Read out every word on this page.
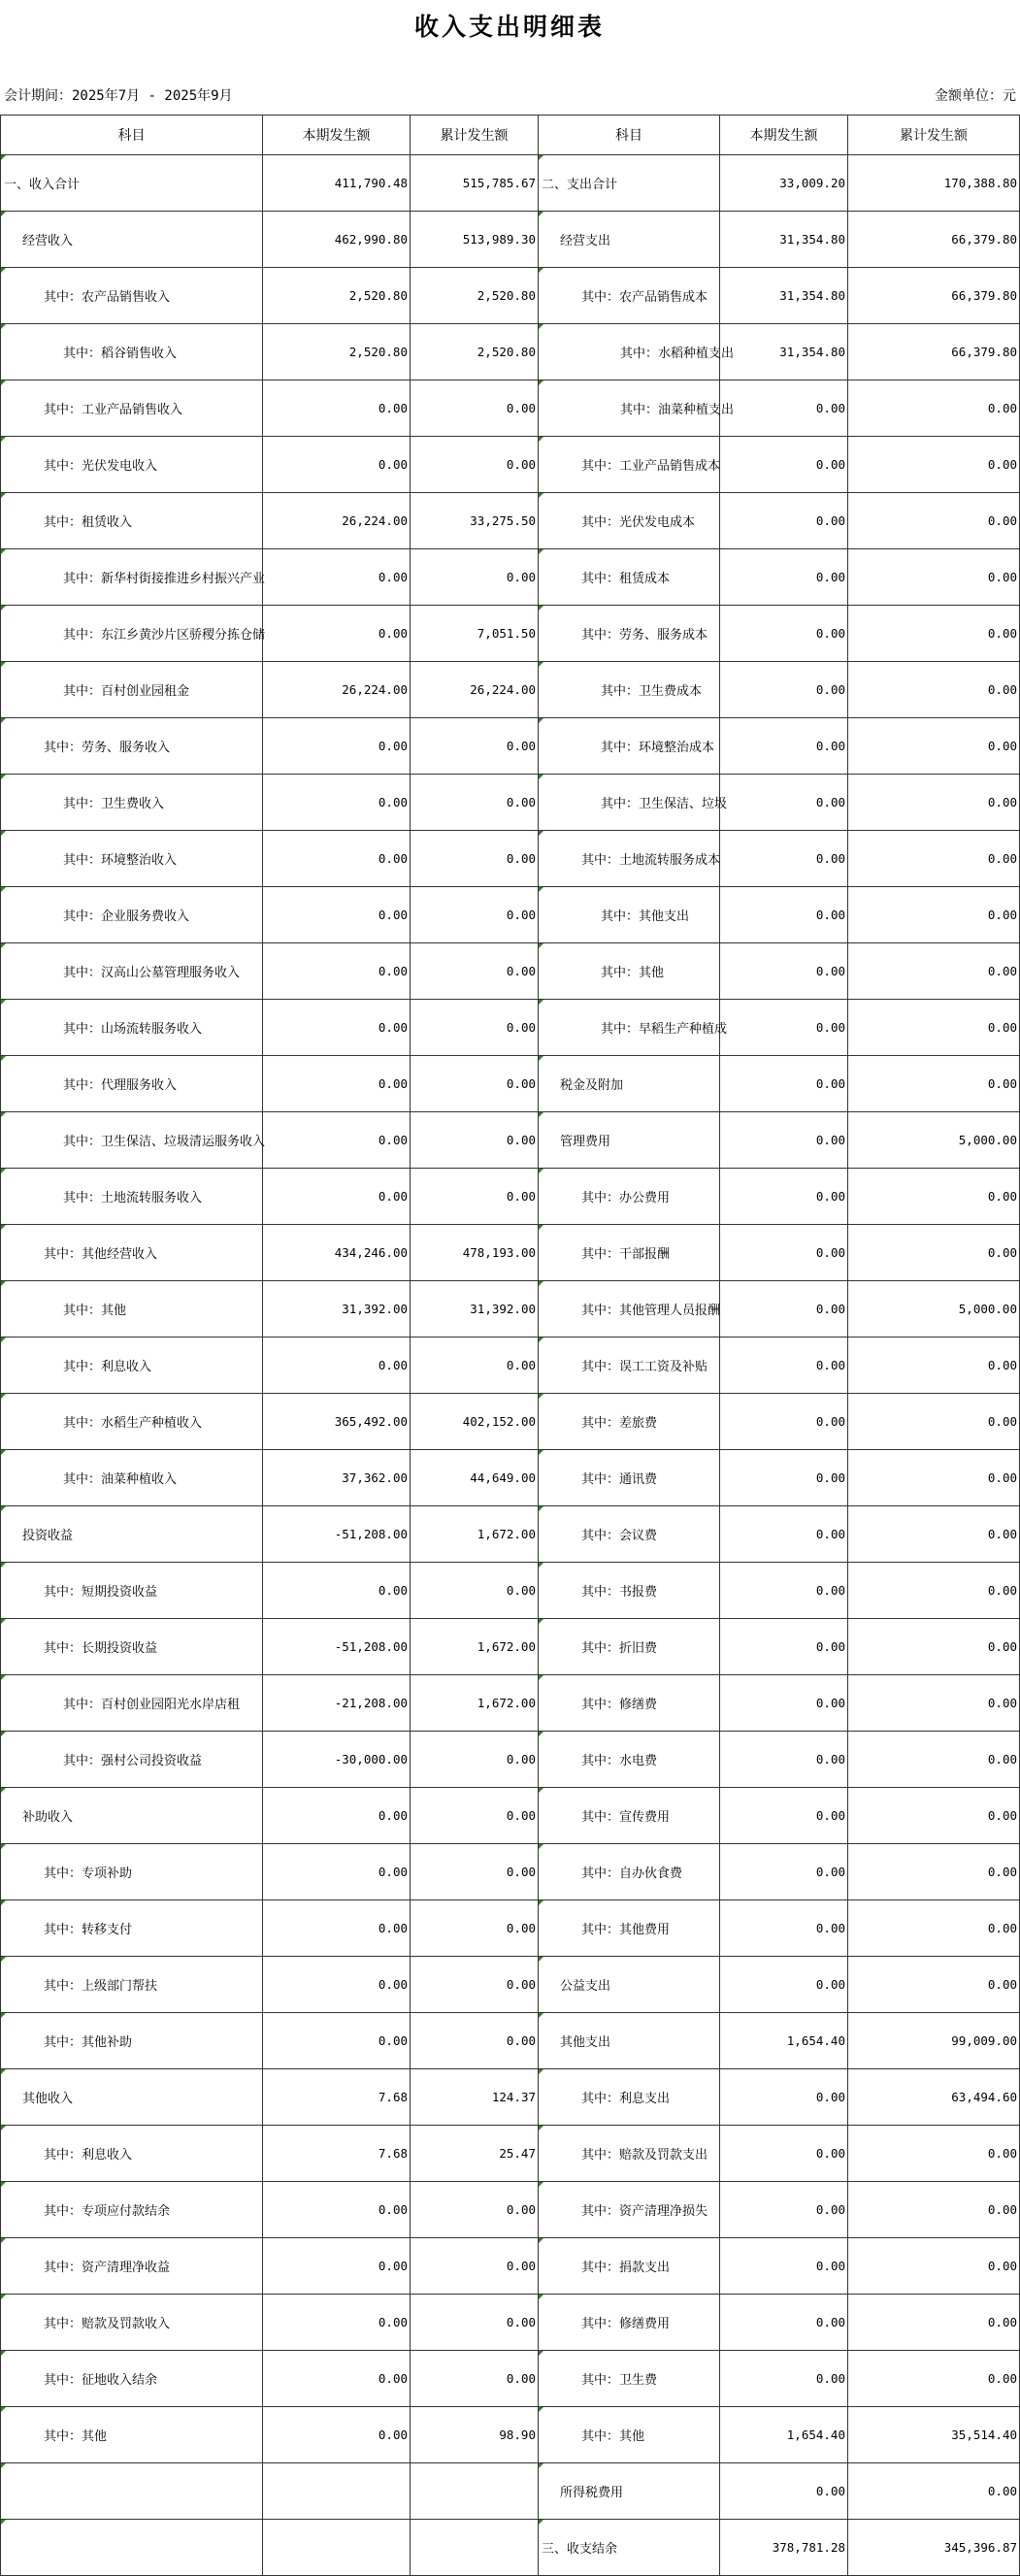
收入支出明细表
会计期间：2025年7月 - 2025年9月	金额单位：元
科目	本期发生额	累计发生额	科目	本期发生额	累计发生额
一、收入合计	411,790.48	515,785.67	二、支出合计	33,009.20	170,388.80
经营收入	462,990.80	513,989.30	经营支出	31,354.80	66,379.80
其中：农产品销售收入	2,520.80	2,520.80	其中：农产品销售成本	31,354.80	66,379.80
其中：稻谷销售收入	2,520.80	2,520.80	其中：水稻种植支出	31,354.80	66,379.80
其中：工业产品销售收入	0.00	0.00	其中：油菜种植支出	0.00	0.00
其中：光伏发电收入	0.00	0.00	其中：工业产品销售成本	0.00	0.00
其中：租赁收入	26,224.00	33,275.50	其中：光伏发电成本	0.00	0.00
其中：新华村街接推进乡村振兴产业	0.00	0.00	其中：租赁成本	0.00	0.00
其中：东江乡黄沙片区骄稷分拣仓储	0.00	7,051.50	其中：劳务、服务成本	0.00	0.00
其中：百村创业园租金	26,224.00	26,224.00	其中：卫生费成本	0.00	0.00
其中：劳务、服务收入	0.00	0.00	其中：环境整治成本	0.00	0.00
其中：卫生费收入	0.00	0.00	其中：卫生保洁、垃圾	0.00	0.00
其中：环境整治收入	0.00	0.00	其中：土地流转服务成本	0.00	0.00
其中：企业服务费收入	0.00	0.00	其中：其他支出	0.00	0.00
其中：汉高山公墓管理服务收入	0.00	0.00	其中：其他	0.00	0.00
其中：山场流转服务收入	0.00	0.00	其中：早稻生产种植成	0.00	0.00
其中：代理服务收入	0.00	0.00	税金及附加	0.00	0.00
其中：卫生保洁、垃圾清运服务收入	0.00	0.00	管理费用	0.00	5,000.00
其中：土地流转服务收入	0.00	0.00	其中：办公费用	0.00	0.00
其中：其他经营收入	434,246.00	478,193.00	其中：干部报酬	0.00	0.00
其中：其他	31,392.00	31,392.00	其中：其他管理人员报酬	0.00	5,000.00
其中：利息收入	0.00	0.00	其中：误工工资及补贴	0.00	0.00
其中：水稻生产种植收入	365,492.00	402,152.00	其中：差旅费	0.00	0.00
其中：油菜种植收入	37,362.00	44,649.00	其中：通讯费	0.00	0.00
投资收益	-51,208.00	1,672.00	其中：会议费	0.00	0.00
其中：短期投资收益	0.00	0.00	其中：书报费	0.00	0.00
其中：长期投资收益	-51,208.00	1,672.00	其中：折旧费	0.00	0.00
其中：百村创业园阳光水岸店租	-21,208.00	1,672.00	其中：修缮费	0.00	0.00
其中：强村公司投资收益	-30,000.00	0.00	其中：水电费	0.00	0.00
补助收入	0.00	0.00	其中：宣传费用	0.00	0.00
其中：专项补助	0.00	0.00	其中：自办伙食费	0.00	0.00
其中：转移支付	0.00	0.00	其中：其他费用	0.00	0.00
其中：上级部门帮扶	0.00	0.00	公益支出	0.00	0.00
其中：其他补助	0.00	0.00	其他支出	1,654.40	99,009.00
其他收入	7.68	124.37	其中：利息支出	0.00	63,494.60
其中：利息收入	7.68	25.47	其中：赔款及罚款支出	0.00	0.00
其中：专项应付款结余	0.00	0.00	其中：资产清理净损失	0.00	0.00
其中：资产清理净收益	0.00	0.00	其中：捐款支出	0.00	0.00
其中：赔款及罚款收入	0.00	0.00	其中：修缮费用	0.00	0.00
其中：征地收入结余	0.00	0.00	其中：卫生费	0.00	0.00
其中：其他	0.00	98.90	其中：其他	1,654.40	35,514.40
			所得税费用	0.00	0.00
			三、收支结余	378,781.28	345,396.87
